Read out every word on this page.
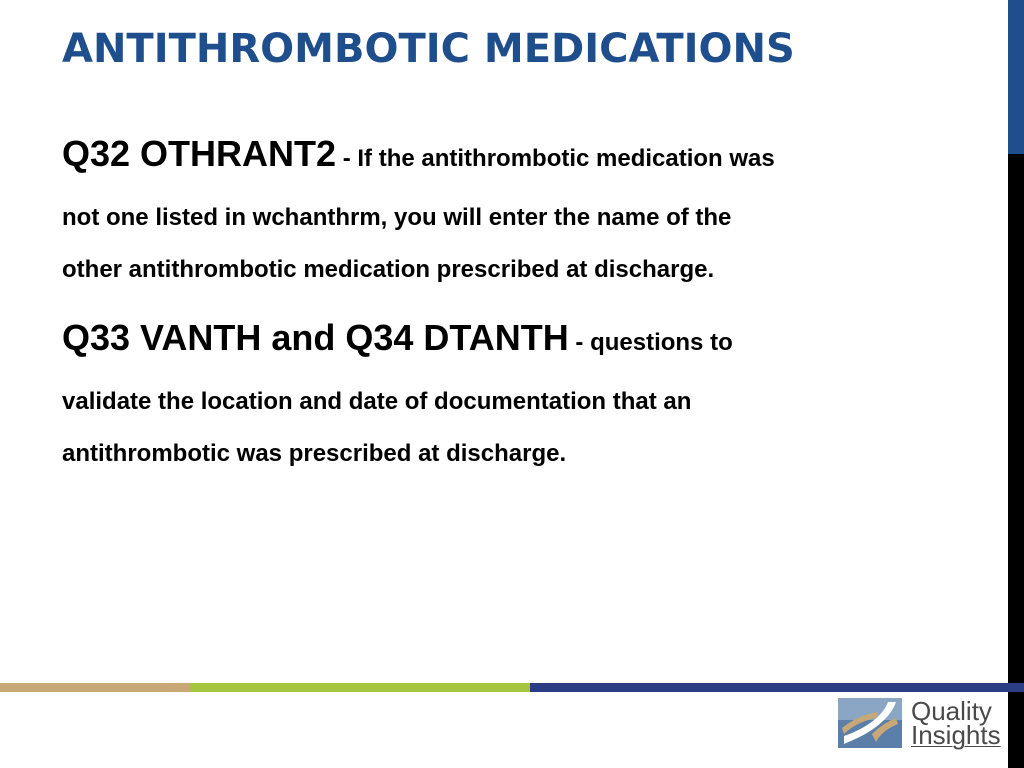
ANTITHROMBOTIC MEDICATIONS
Q32 OTHRANT2 - If the antithrombotic medication was
not one listed in wchanthrm, you will enter the name of the
other antithrombotic medication prescribed at discharge.
Q33 VANTH and Q34 DTANTH - questions to
validate the location and date of documentation that an
antithrombotic was prescribed at discharge.
Quality
Insights
